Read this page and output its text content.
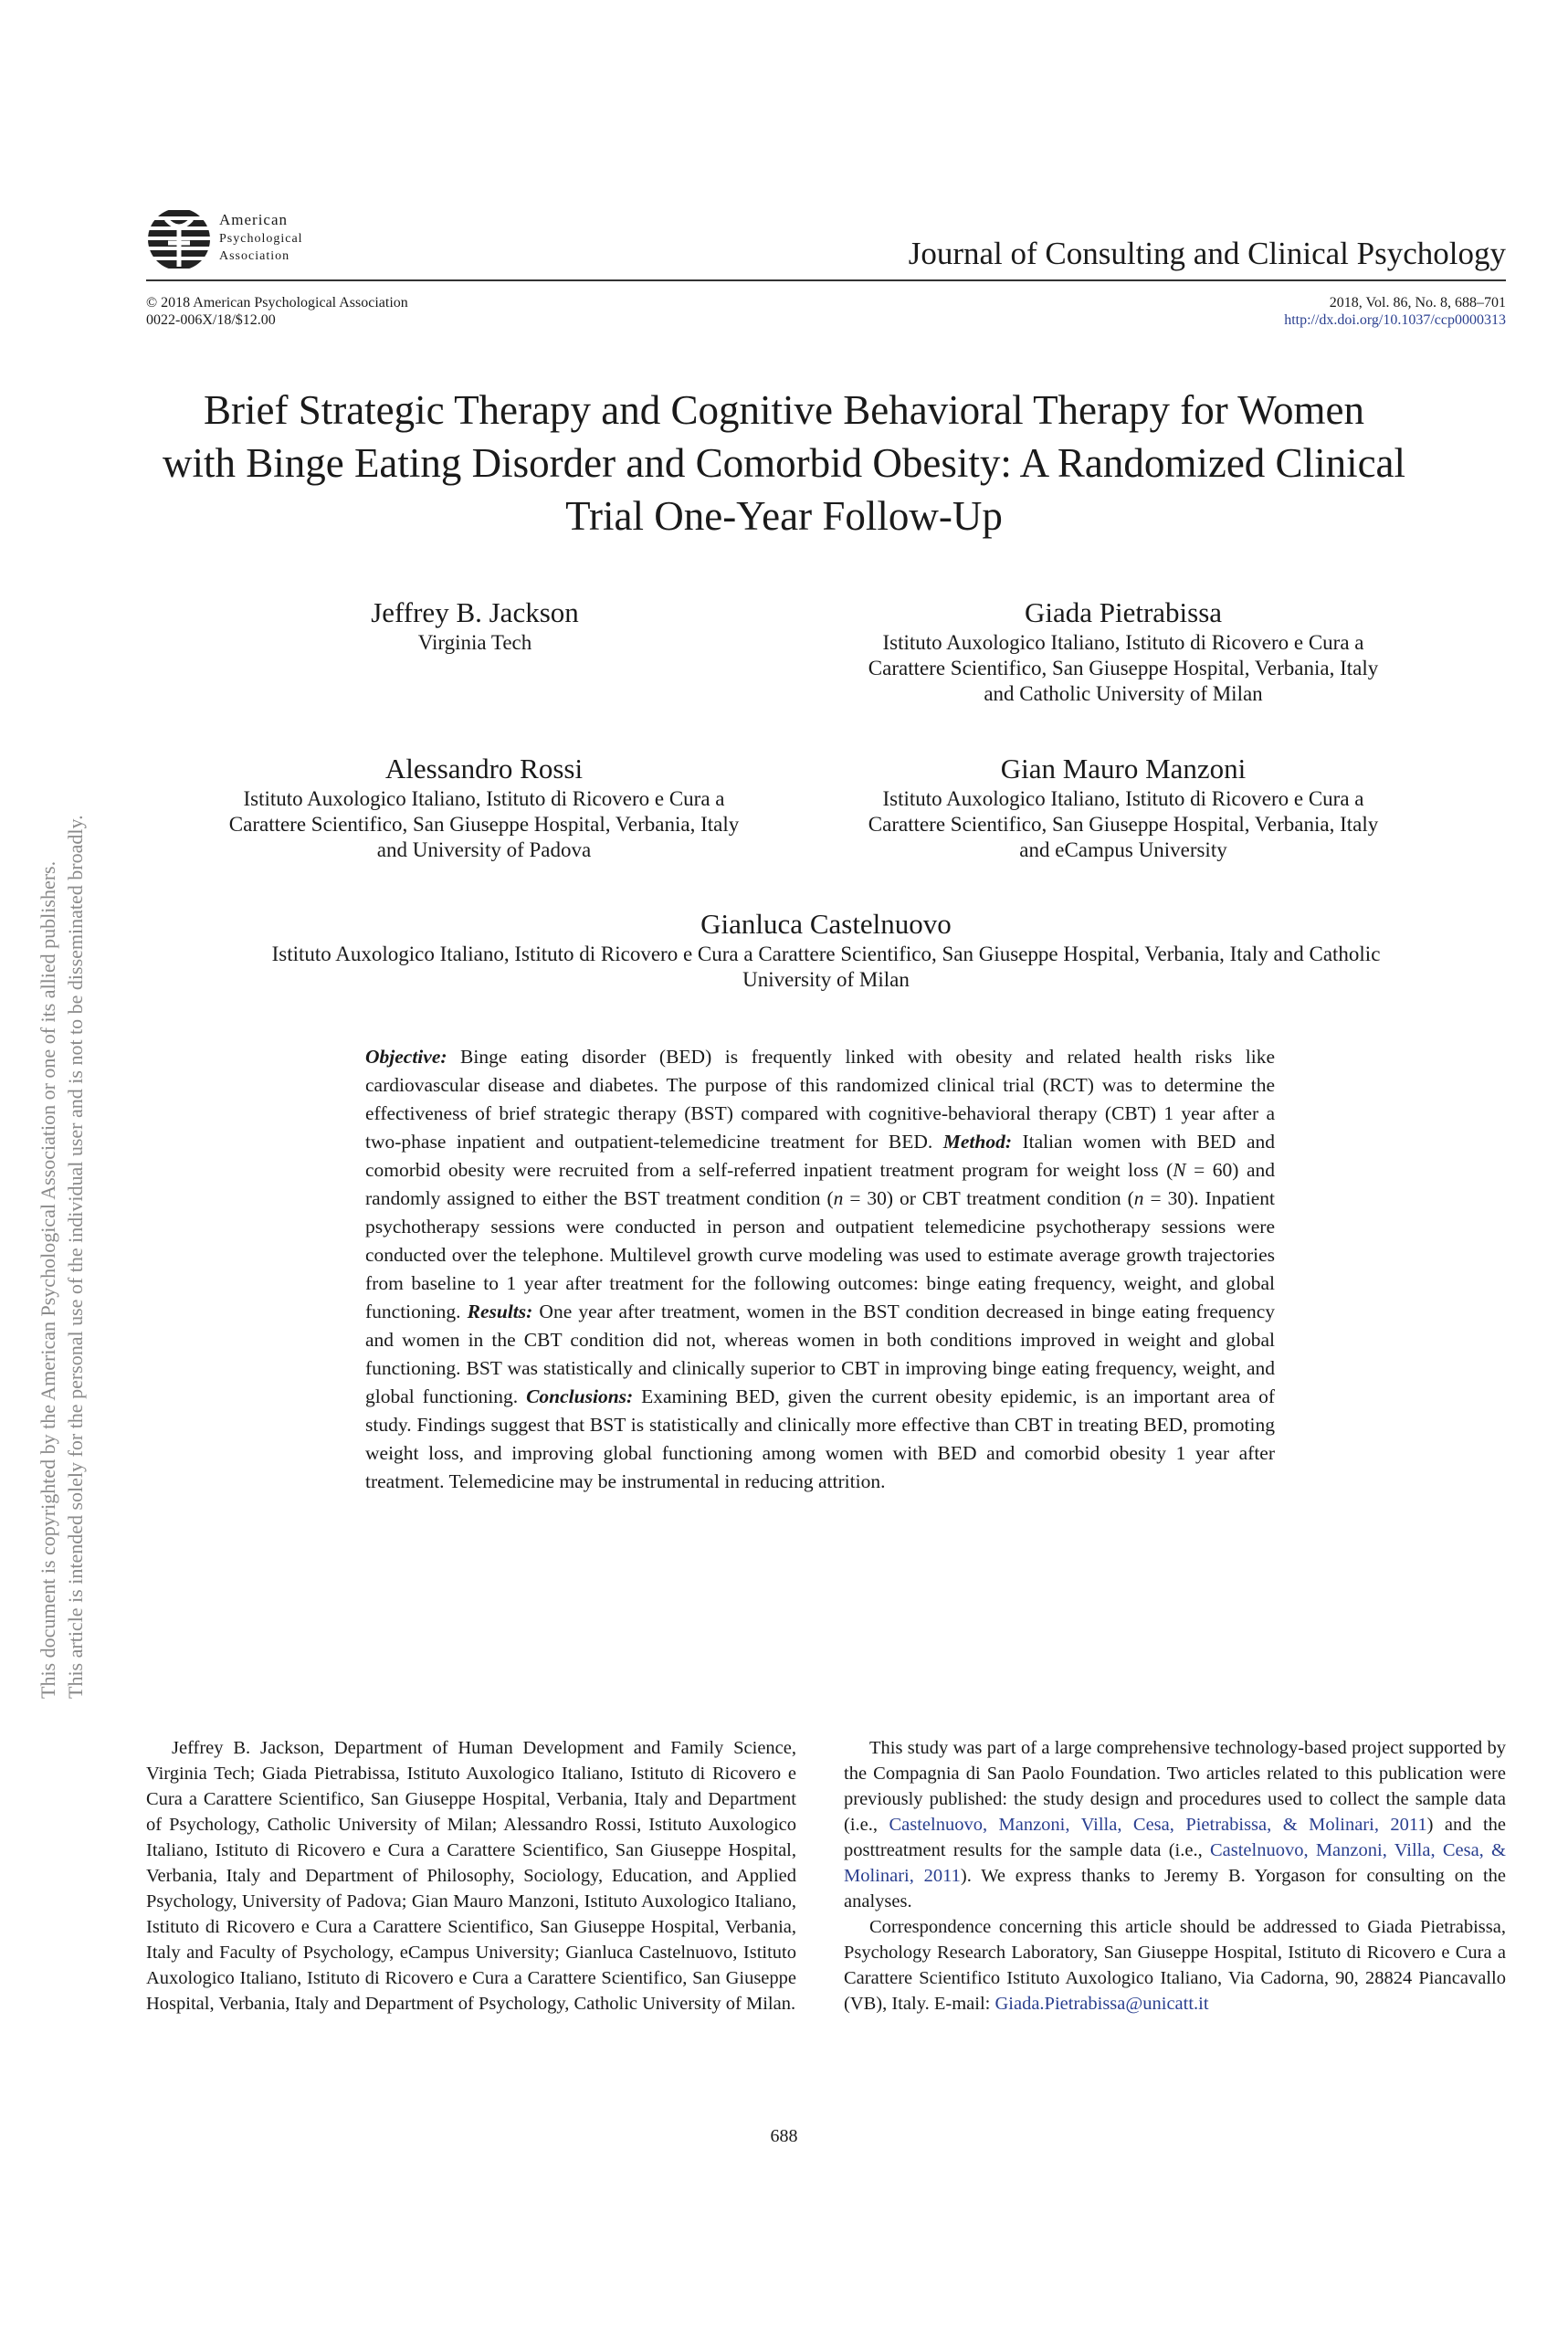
American
Psychological
Association	Journal of Consulting and Clinical Psychology
© 2018 American Psychological Association
0022-006X/18/$12.00
2018, Vol. 86, No. 8, 688–701
http://dx.doi.org/10.1037/ccp0000313
Brief Strategic Therapy and Cognitive Behavioral Therapy for Women
with Binge Eating Disorder and Comorbid Obesity: A Randomized Clinical
Trial One-Year Follow-Up
Jeffrey B. Jackson
Virginia Tech
Giada Pietrabissa
Istituto Auxologico Italiano, Istituto di Ricovero e Cura a
Carattere Scientifico, San Giuseppe Hospital, Verbania, Italy
and Catholic University of Milan
Alessandro Rossi
Istituto Auxologico Italiano, Istituto di Ricovero e Cura a
Carattere Scientifico, San Giuseppe Hospital, Verbania, Italy
and University of Padova
Gian Mauro Manzoni
Istituto Auxologico Italiano, Istituto di Ricovero e Cura a
Carattere Scientifico, San Giuseppe Hospital, Verbania, Italy
and eCampus University
Gianluca Castelnuovo
Istituto Auxologico Italiano, Istituto di Ricovero e Cura a Carattere Scientifico, San Giuseppe Hospital, Verbania, Italy and Catholic
University of Milan
Objective: Binge eating disorder (BED) is frequently linked with obesity and related health risks like cardiovascular disease and diabetes. The purpose of this randomized clinical trial (RCT) was to determine the effectiveness of brief strategic therapy (BST) compared with cognitive-behavioral therapy (CBT) 1 year after a two-phase inpatient and outpatient-telemedicine treatment for BED. Method: Italian women with BED and comorbid obesity were recruited from a self-referred inpatient treatment program for weight loss (N = 60) and randomly assigned to either the BST treatment condition (n = 30) or CBT treatment condition (n = 30). Inpatient psychotherapy sessions were conducted in person and outpatient telemedicine psychotherapy sessions were conducted over the telephone. Multilevel growth curve modeling was used to estimate average growth trajectories from baseline to 1 year after treatment for the following outcomes: binge eating frequency, weight, and global functioning. Results: One year after treatment, women in the BST condition decreased in binge eating frequency and women in the CBT condition did not, whereas women in both conditions improved in weight and global functioning. BST was statistically and clinically superior to CBT in improving binge eating frequency, weight, and global functioning. Conclusions: Examining BED, given the current obesity epidemic, is an important area of study. Findings suggest that BST is statistically and clinically more effective than CBT in treating BED, promoting weight loss, and improving global functioning among women with BED and comorbid obesity 1 year after treatment. Telemedicine may be instrumental in reducing attrition.
This document is copyrighted by the American Psychological Association or one of its allied publishers. This article is intended solely for the personal use of the individual user and is not to be disseminated broadly.
Jeffrey B. Jackson, Department of Human Development and Family Science, Virginia Tech; Giada Pietrabissa, Istituto Auxologico Italiano, Istituto di Ricovero e Cura a Carattere Scientifico, San Giuseppe Hospital, Verbania, Italy and Department of Psychology, Catholic University of Milan; Alessandro Rossi, Istituto Auxologico Italiano, Istituto di Ricovero e Cura a Carattere Scientifico, San Giuseppe Hospital, Verbania, Italy and Department of Philosophy, Sociology, Education, and Applied Psychology, University of Padova; Gian Mauro Manzoni, Istituto Auxologico Italiano, Istituto di Ricovero e Cura a Carattere Scientifico, San Giuseppe Hospital, Verbania, Italy and Faculty of Psychology, eCampus University; Gianluca Castelnuovo, Istituto Auxologico Italiano, Istituto di Ricovero e Cura a Carattere Scientifico, San Giuseppe Hospital, Verbania, Italy and Department of Psychology, Catholic University of Milan.

This study was part of a large comprehensive technology-based project supported by the Compagnia di San Paolo Foundation. Two articles related to this publication were previously published: the study design and procedures used to collect the sample data (i.e., Castelnuovo, Manzoni, Villa, Cesa, Pietrabissa, & Molinari, 2011) and the posttreatment results for the sample data (i.e., Castelnuovo, Manzoni, Villa, Cesa, & Molinari, 2011). We express thanks to Jeremy B. Yorgason for consulting on the analyses.

Correspondence concerning this article should be addressed to Giada Pietrabissa, Psychology Research Laboratory, San Giuseppe Hospital, Istituto di Ricovero e Cura a Carattere Scientifico Istituto Auxologico Italiano, Via Cadorna, 90, 28824 Piancavallo (VB), Italy. E-mail: Giada.Pietrabissa@unicatt.it

688
